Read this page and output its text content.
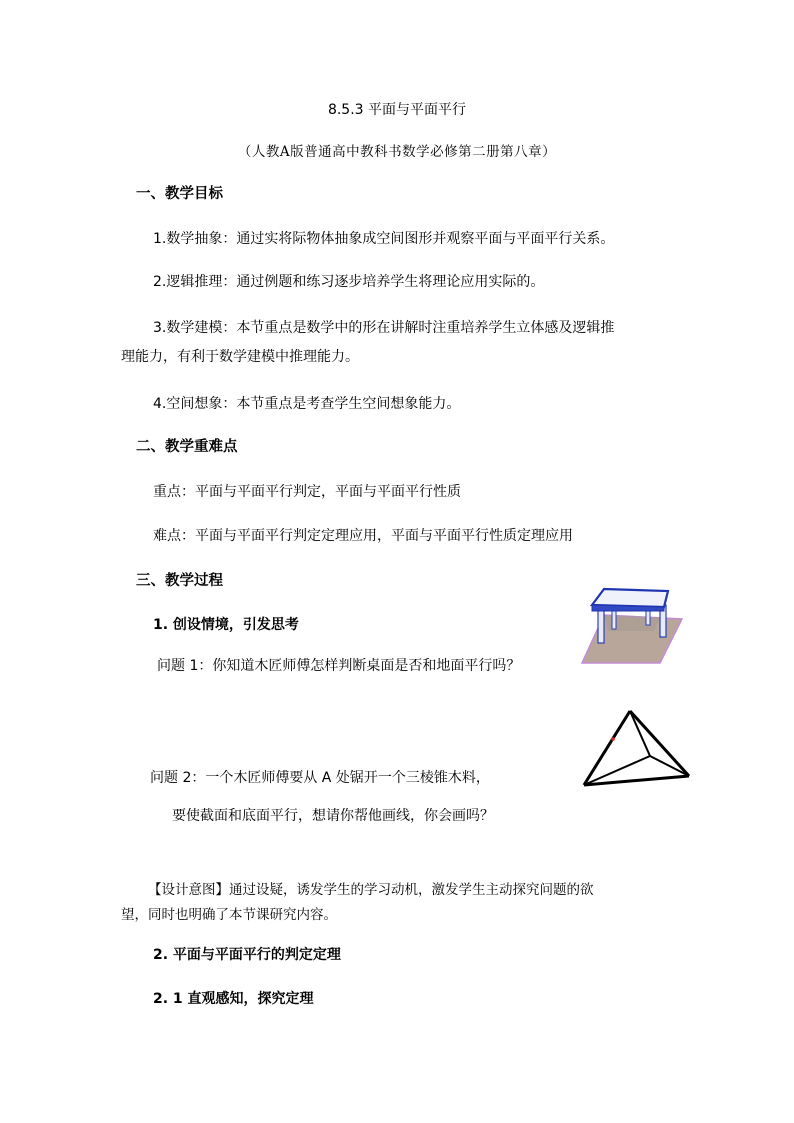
8.5.3 平面与平面平行
（人教A版普通高中教科书数学必修第二册第八章）
一、教学目标
1.数学抽象：通过实将际物体抽象成空间图形并观察平面与平面平行关系。
2.逻辑推理：通过例题和练习逐步培养学生将理论应用实际的。
3.数学建模：本节重点是数学中的形在讲解时注重培养学生立体感及逻辑推
理能力，有利于数学建模中推理能力。
4.空间想象：本节重点是考查学生空间想象能力。
二、教学重难点
重点：平面与平面平行判定，平面与平面平行性质
难点：平面与平面平行判定定理应用，平面与平面平行性质定理应用
三、教学过程
1. 创设情境，引发思考
问题 1：你知道木匠师傅怎样判断桌面是否和地面平行吗？
问题 2：一个木匠师傅要从 A 处锯开一个三棱锥木料，
要使截面和底面平行，想请你帮他画线，你会画吗？
【设计意图】通过设疑，诱发学生的学习动机，激发学生主动探究问题的欲
望，同时也明确了本节课研究内容。
2. 平面与平面平行的判定定理
2. 1 直观感知，探究定理
